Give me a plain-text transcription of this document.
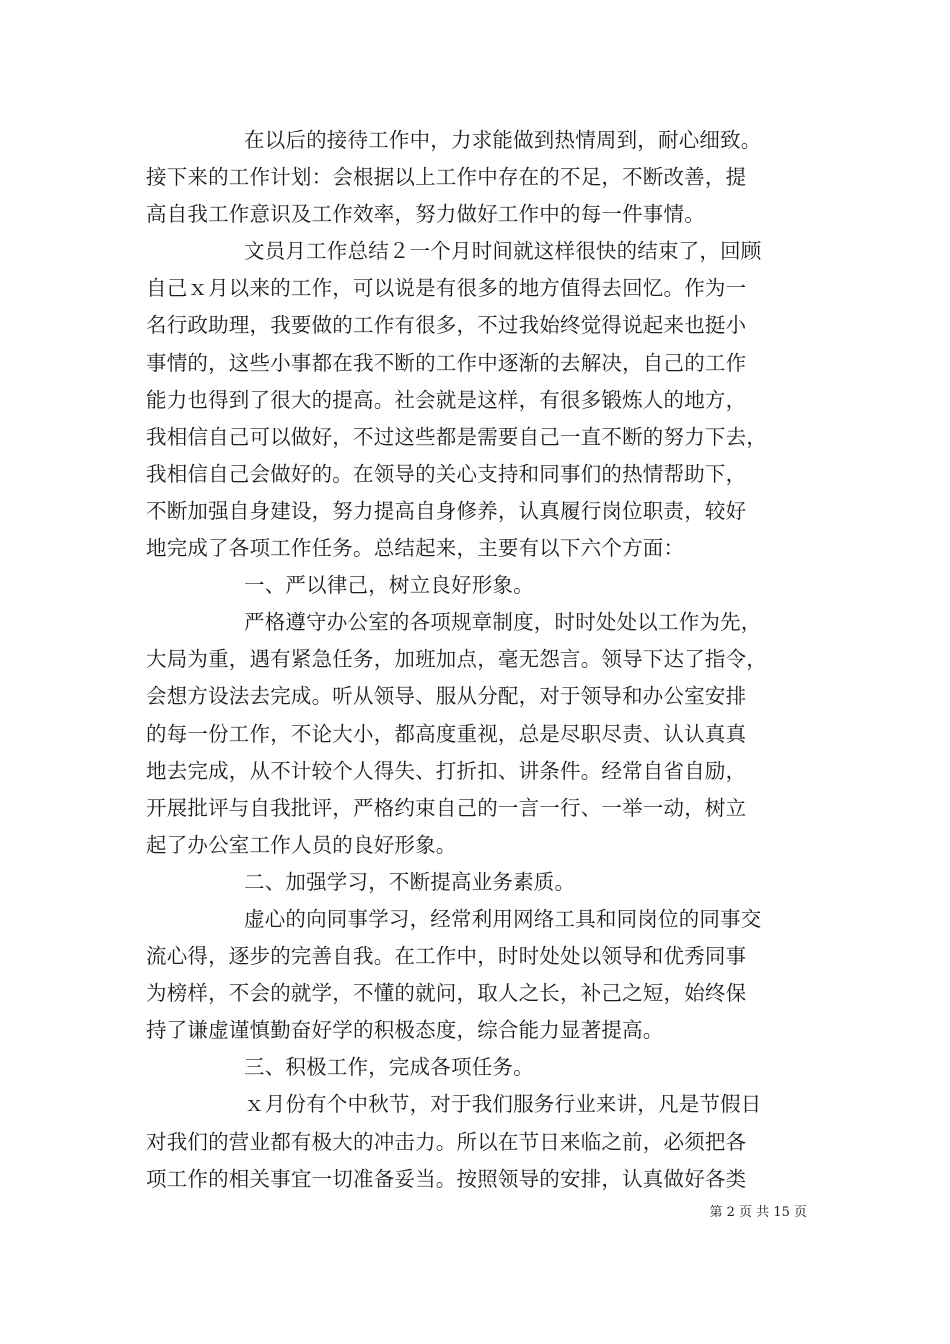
在以后的接待工作中，力求能做到热情周到，耐心细致。
接下来的工作计划：会根据以上工作中存在的不足，不断改善，提
高自我工作意识及工作效率，努力做好工作中的每一件事情。
文员月工作总结２一个月时间就这样很快的结束了，回顾
自己ｘ月以来的工作，可以说是有很多的地方值得去回忆。作为一
名行政助理，我要做的工作有很多，不过我始终觉得说起来也挺小
事情的，这些小事都在我不断的工作中逐渐的去解决，自己的工作
能力也得到了很大的提高。社会就是这样，有很多锻炼人的地方，
我相信自己可以做好，不过这些都是需要自己一直不断的努力下去，
我相信自己会做好的。在领导的关心支持和同事们的热情帮助下，
不断加强自身建设，努力提高自身修养，认真履行岗位职责，较好
地完成了各项工作任务。总结起来，主要有以下六个方面：
一、严以律己，树立良好形象。
严格遵守办公室的各项规章制度，时时处处以工作为先，
大局为重，遇有紧急任务，加班加点，毫无怨言。领导下达了指令，
会想方设法去完成。听从领导、服从分配，对于领导和办公室安排
的每一份工作，不论大小，都高度重视，总是尽职尽责、认认真真
地去完成，从不计较个人得失、打折扣、讲条件。经常自省自励，
开展批评与自我批评，严格约束自己的一言一行、一举一动，树立
起了办公室工作人员的良好形象。
二、加强学习，不断提高业务素质。
虚心的向同事学习，经常利用网络工具和同岗位的同事交
流心得，逐步的完善自我。在工作中，时时处处以领导和优秀同事
为榜样，不会的就学，不懂的就问，取人之长，补己之短，始终保
持了谦虚谨慎勤奋好学的积极态度，综合能力显著提高。
三、积极工作，完成各项任务。
ｘ月份有个中秋节，对于我们服务行业来讲，凡是节假日
对我们的营业都有极大的冲击力。所以在节日来临之前，必须把各
项工作的相关事宜一切准备妥当。按照领导的安排，认真做好各类
第 2 页 共 15 页
